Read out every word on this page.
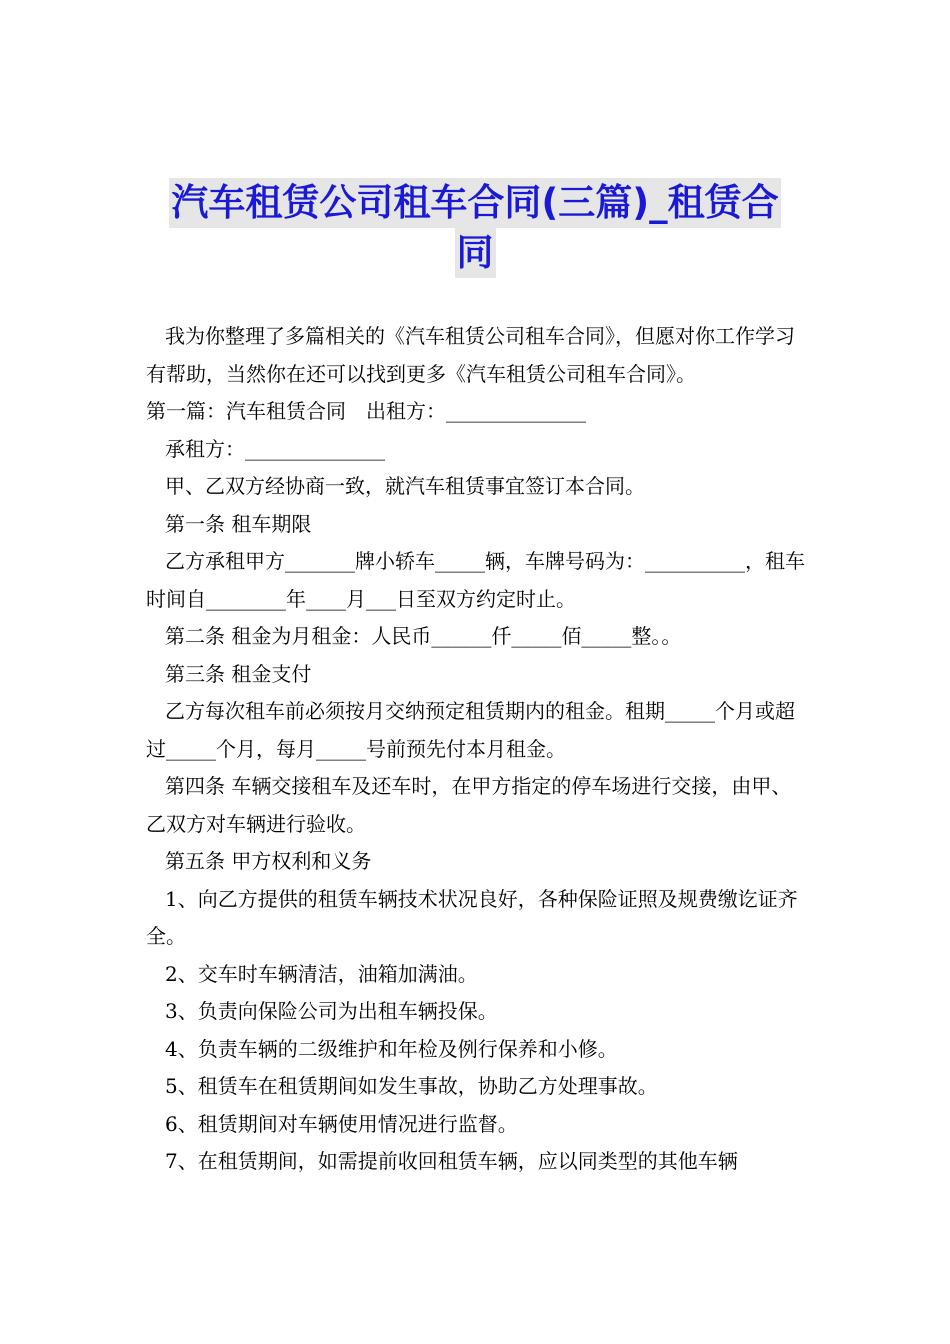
汽车租赁公司租车合同(三篇)_租赁合
同

我为你整理了多篇相关的《汽车租赁公司租车合同》，但愿对你工作学习有帮助，当然你在还可以找到更多《汽车租赁公司租车合同》。

第一篇：汽车租赁合同　出租方：______________

承租方：______________

甲、乙双方经协商一致，就汽车租赁事宜签订本合同。

第一条 租车期限

乙方承租甲方_______牌小轿车_____辆，车牌号码为：__________，租车时间自________年____月___日至双方约定时止。

第二条 租金为月租金：人民币______仟_____佰_____整。。

第三条 租金支付

乙方每次租车前必须按月交纳预定租赁期内的租金。租期_____个月或超过_____个月，每月_____号前预先付本月租金。

第四条 车辆交接租车及还车时，在甲方指定的停车场进行交接，由甲、乙双方对车辆进行验收。

第五条 甲方权利和义务

1、向乙方提供的租赁车辆技术状况良好，各种保险证照及规费缴讫证齐全。

2、交车时车辆清洁，油箱加满油。

3、负责向保险公司为出租车辆投保。

4、负责车辆的二级维护和年检及例行保养和小修。

5、租赁车在租赁期间如发生事故，协助乙方处理事故。

6、租赁期间对车辆使用情况进行监督。

7、在租赁期间，如需提前收回租赁车辆，应以同类型的其他车辆
